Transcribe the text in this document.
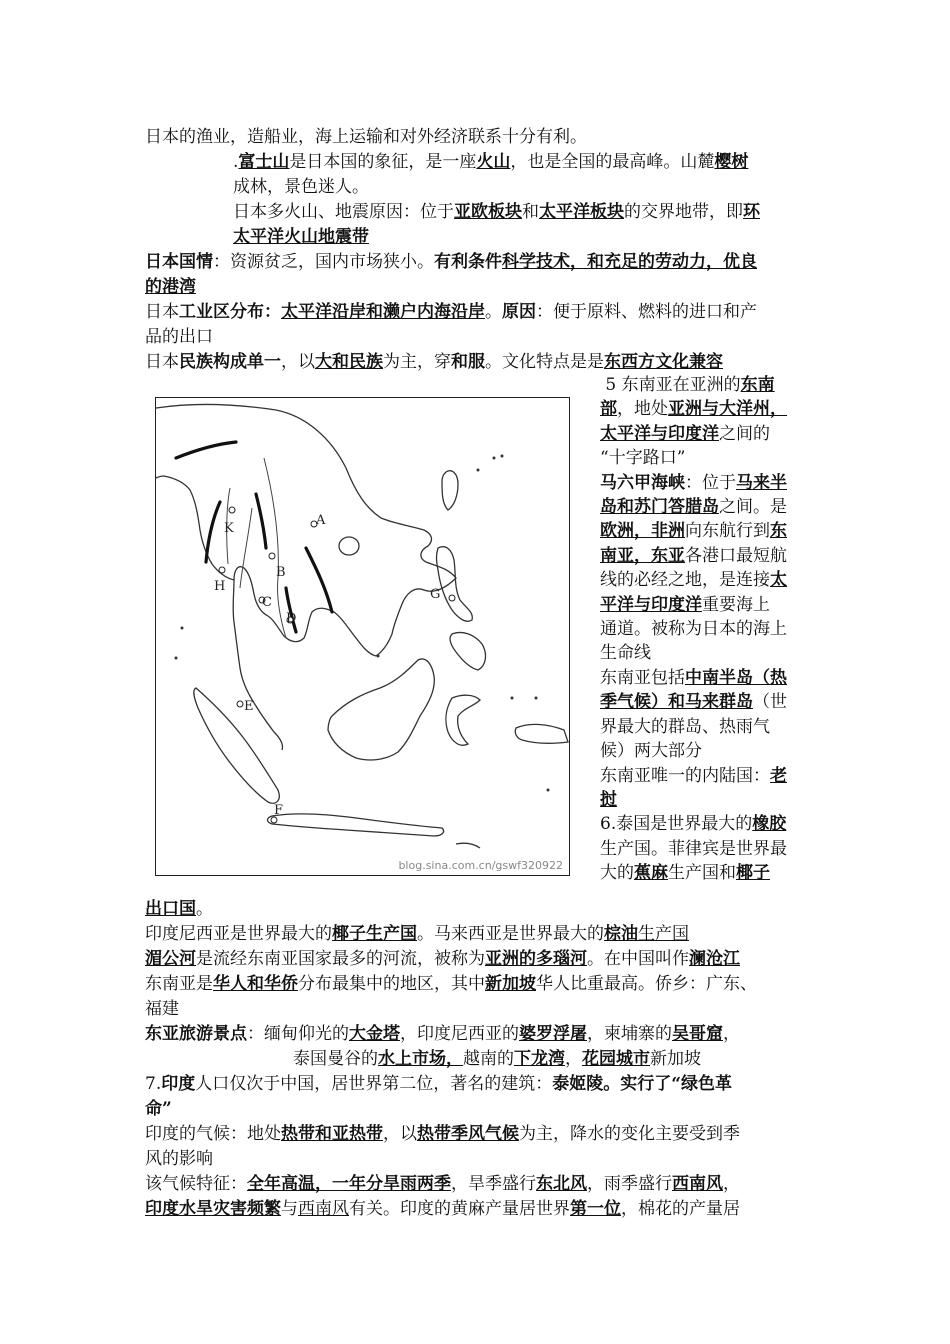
日本的渔业，造船业，海上运输和对外经济联系十分有利。
.富士山是日本国的象征，是一座火山，也是全国的最高峰。山麓樱树
成林，景色迷人。
日本多火山、地震原因：位于亚欧板块和太平洋板块的交界地带，即环
太平洋火山地震带
日本国情：资源贫乏，国内市场狭小。有利条件科学技术，和充足的劳动力，优良
的港湾
日本工业区分布：太平洋沿岸和濑户内海沿岸。原因：便于原料、燃料的进口和产
品的出口
日本民族构成单一，以大和民族为主，穿和服。文化特点是是东西方文化兼容
A
B
C
D
E
F
G
H
K
blog.sina.com.cn/gswf320922
5 东南亚在亚洲的东南
部，地处亚洲与大洋州，
太平洋与印度洋之间的
“十字路口”
马六甲海峡：位于马来半
岛和苏门答腊岛之间。是
欧洲，非洲向东航行到东
南亚，东亚各港口最短航
线的必经之地，是连接太
平洋与印度洋重要海上
通道。被称为日本的海上
生命线
东南亚包括中南半岛（热
季气候）和马来群岛（世
界最大的群岛、热雨气
候）两大部分
东南亚唯一的内陆国：老
挝
6.泰国是世界最大的橡胶
生产国。菲律宾是世界最
大的蕉麻生产国和椰子
出口国。
印度尼西亚是世界最大的椰子生产国。马来西亚是世界最大的棕油生产国
湄公河是流经东南亚国家最多的河流，被称为亚洲的多瑙河。在中国叫作澜沧江
东南亚是华人和华侨分布最集中的地区，其中新加坡华人比重最高。侨乡：广东、
福建
东亚旅游景点：缅甸仰光的大金塔，印度尼西亚的婆罗浮屠，柬埔寨的吴哥窟，
泰国曼谷的水上市场，越南的下龙湾，花园城市新加坡
7.印度人口仅次于中国，居世界第二位，著名的建筑：泰姬陵。实行了“绿色革
命”
印度的气候：地处热带和亚热带，以热带季风气候为主，降水的变化主要受到季
风的影响
该气候特征：全年高温，一年分旱雨两季，旱季盛行东北风，雨季盛行西南风，
印度水旱灾害频繁与西南风有关。印度的黄麻产量居世界第一位，棉花的产量居
